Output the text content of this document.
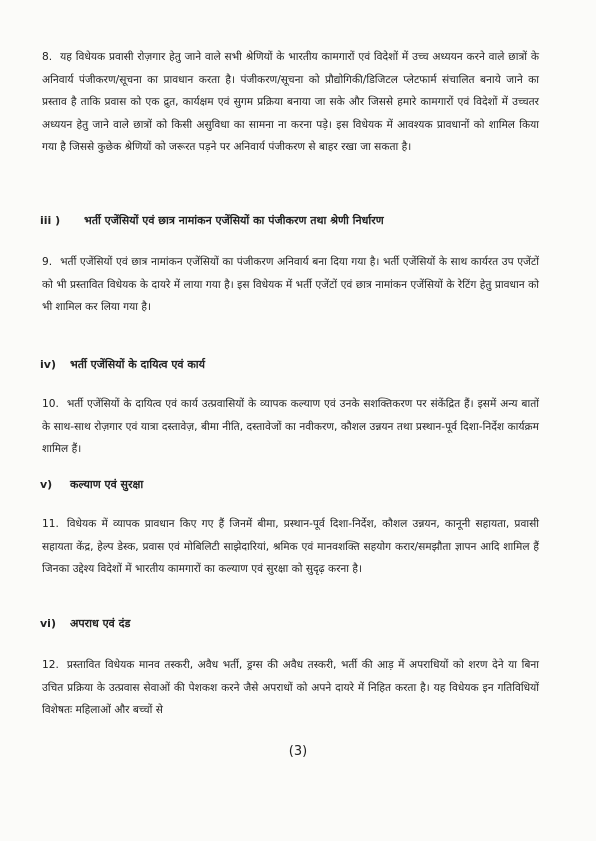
8. यह विधेयक प्रवासी रोज़गार हेतु जाने वाले सभी श्रेणियों के भारतीय कामगारों एवं विदेशों में उच्च अध्ययन करने वाले छात्रों के अनिवार्य पंजीकरण/सूचना का प्रावधान करता है। पंजीकरण/सूचना को प्रौद्योगिकी/डिजिटल प्लेटफार्म संचालित बनाये जाने का प्रस्ताव है ताकि प्रवास को एक द्रुत, कार्यक्षम एवं सुगम प्रक्रिया बनाया जा सके और जिससे हमारे कामगारों एवं विदेशों में उच्चतर अध्ययन हेतु जाने वाले छात्रों को किसी असुविधा का सामना ना करना पड़े। इस विधेयक में आवश्यक प्रावधानों को शामिल किया गया है जिससे कुछेक श्रेणियों को जरूरत पड़ने पर अनिवार्य पंजीकरण से बाहर रखा जा सकता है।
iii ) भर्ती एजेंसियों एवं छात्र नामांकन एजेंसियों का पंजीकरण तथा श्रेणी निर्धारण
9. भर्ती एजेंसियों एवं छात्र नामांकन एजेंसियों का पंजीकरण अनिवार्य बना दिया गया है। भर्ती एजेंसियों के साथ कार्यरत उप एजेंटों को भी प्रस्तावित विधेयक के दायरे में लाया गया है। इस विधेयक में भर्ती एजेंटों एवं छात्र नामांकन एजेंसियों के रेटिंग हेतु प्रावधान को भी शामिल कर लिया गया है।
iv) भर्ती एजेंसियों के दायित्व एवं कार्य
10. भर्ती एजेंसियों के दायित्व एवं कार्य उत्प्रवासियों के व्यापक कल्याण एवं उनके सशक्तिकरण पर संकेंद्रित हैं। इसमें अन्य बातों के साथ-साथ रोज़गार एवं यात्रा दस्तावेज़, बीमा नीति, दस्तावेजों का नवीकरण, कौशल उन्नयन तथा प्रस्थान-पूर्व दिशा-निर्देश कार्यक्रम शामिल हैं।
v) कल्याण एवं सुरक्षा
11. विधेयक में व्यापक प्रावधान किए गए हैं जिनमें बीमा, प्रस्थान-पूर्व दिशा-निर्देश, कौशल उन्नयन, कानूनी सहायता, प्रवासी सहायता केंद्र, हेल्प डेस्क, प्रवास एवं मोबिलिटी साझेदारियां, श्रमिक एवं मानवशक्ति सहयोग करार/समझौता ज्ञापन आदि शामिल हैं जिनका उद्देश्य विदेशों में भारतीय कामगारों का कल्याण एवं सुरक्षा को सुदृढ़ करना है।
vi) अपराध एवं दंड
12. प्रस्तावित विधेयक मानव तस्करी, अवैध भर्ती, ड्रग्स की अवैध तस्करी, भर्ती की आड़ में अपराधियों को शरण देने या बिना उचित प्रक्रिया के उत्प्रवास सेवाओं की पेशकश करने जैसे अपराधों को अपने दायरे में निहित करता है। यह विधेयक इन गतिविधियों विशेषतः महिलाओं और बच्चों से
(3)
